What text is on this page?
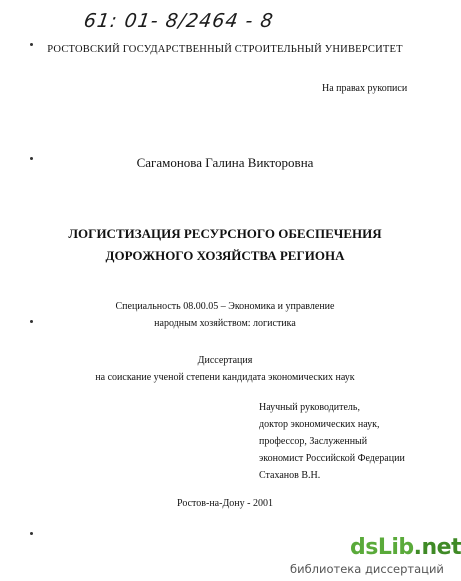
61: 01- 8/2464 - 8
РОСТОВСКИЙ ГОСУДАРСТВЕННЫЙ СТРОИТЕЛЬНЫЙ УНИВЕРСИТЕТ
На правах рукописи
Сагамонова Галина Викторовна
ЛОГИСТИЗАЦИЯ РЕСУРСНОГО ОБЕСПЕЧЕНИЯ
ДОРОЖНОГО ХОЗЯЙСТВА РЕГИОНА
Специальность 08.00.05 – Экономика и управление
народным хозяйством: логистика
Диссертация
на соискание ученой степени кандидата экономических наук
Научный руководитель,
доктор экономических наук,
профессор, Заслуженный
экономист Российской Федерации
Стаханов В.Н.
Ростов-на-Дону - 2001
dsLib.net
библиотека диссертаций
